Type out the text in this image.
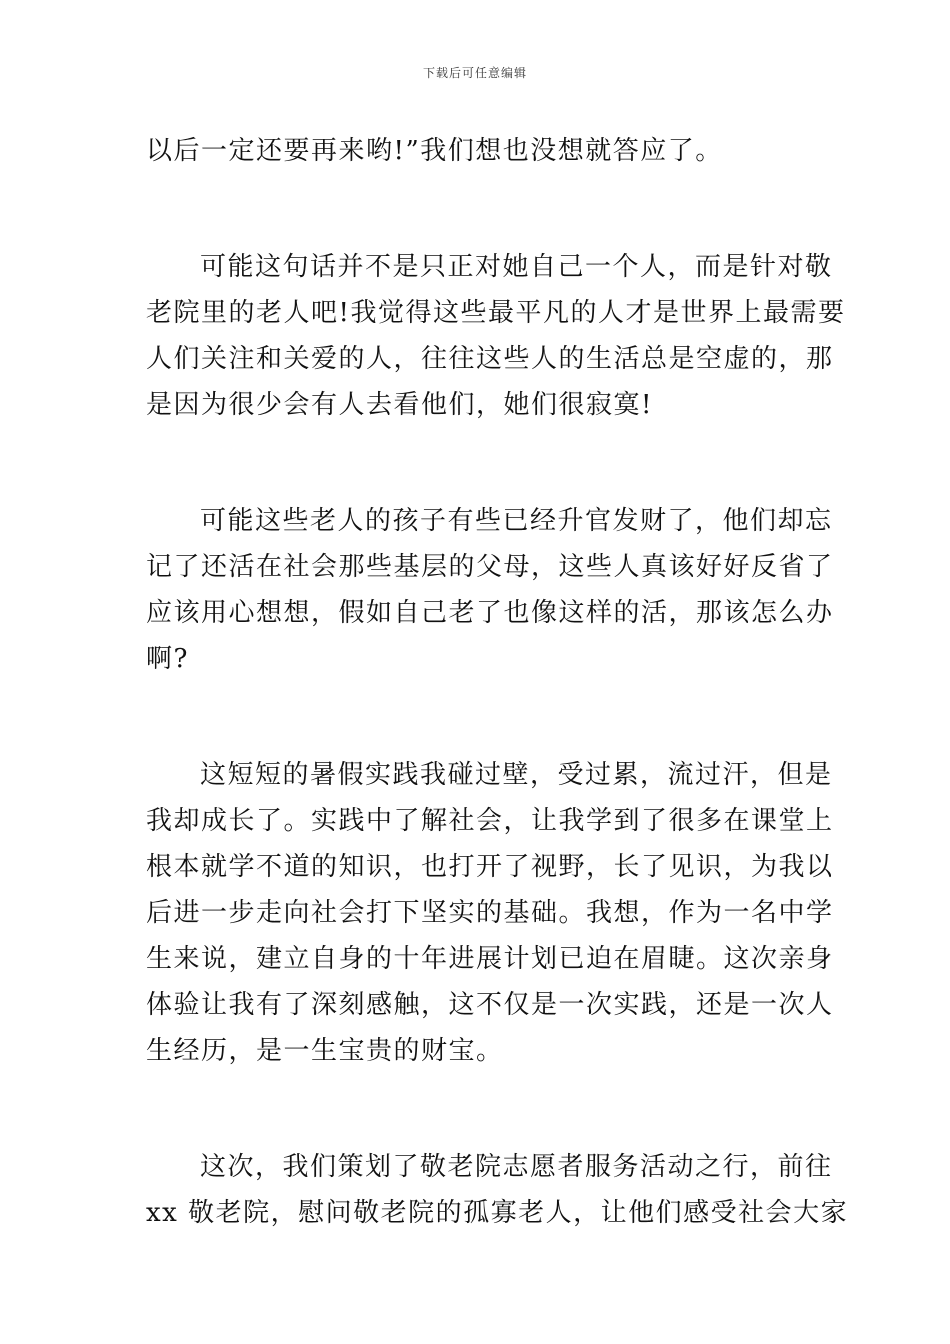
下载后可任意编辑
以后一定还要再来哟!”我们想也没想就答应了。
可能这句话并不是只正对她自己一个人，而是针对敬
老院里的老人吧!我觉得这些最平凡的人才是世界上最需要
人们关注和关爱的人，往往这些人的生活总是空虚的，那
是因为很少会有人去看他们，她们很寂寞!
可能这些老人的孩子有些已经升官发财了，他们却忘
记了还活在社会那些基层的父母，这些人真该好好反省了
应该用心想想，假如自己老了也像这样的活，那该怎么办
啊?
这短短的暑假实践我碰过壁，受过累，流过汗，但是
我却成长了。实践中了解社会，让我学到了很多在课堂上
根本就学不道的知识，也打开了视野，长了见识，为我以
后进一步走向社会打下坚实的基础。我想，作为一名中学
生来说，建立自身的十年进展计划已迫在眉睫。这次亲身
体验让我有了深刻感触，这不仅是一次实践，还是一次人
生经历，是一生宝贵的财宝。
这次，我们策划了敬老院志愿者服务活动之行，前往
xx 敬老院，慰问敬老院的孤寡老人，让他们感受社会大家
